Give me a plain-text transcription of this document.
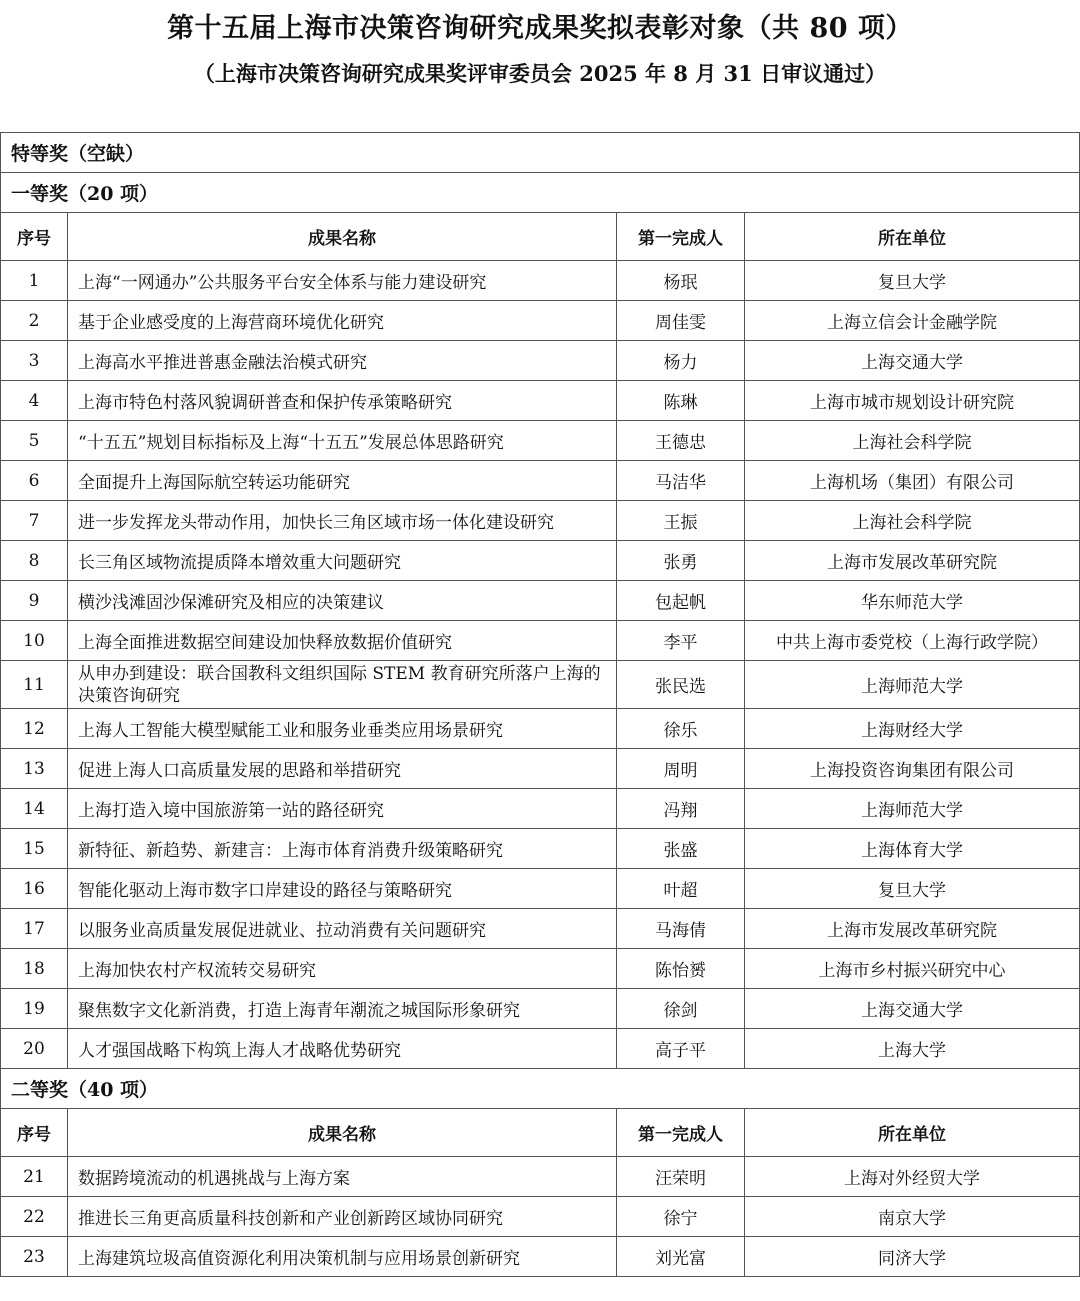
第十五届上海市决策咨询研究成果奖拟表彰对象（共 80 项）
（上海市决策咨询研究成果奖评审委员会 2025 年 8 月 31 日审议通过）
特等奖（空缺）			
一等奖（20 项）			
序号	成果名称	第一完成人	所在单位
1	上海“一网通办”公共服务平台安全体系与能力建设研究	杨珉	复旦大学
2	基于企业感受度的上海营商环境优化研究	周佳雯	上海立信会计金融学院
3	上海高水平推进普惠金融法治模式研究	杨力	上海交通大学
4	上海市特色村落风貌调研普查和保护传承策略研究	陈琳	上海市城市规划设计研究院
5	“十五五”规划目标指标及上海“十五五”发展总体思路研究	王德忠	上海社会科学院
6	全面提升上海国际航空转运功能研究	马洁华	上海机场（集团）有限公司
7	进一步发挥龙头带动作用，加快长三角区域市场一体化建设研究	王振	上海社会科学院
8	长三角区域物流提质降本增效重大问题研究	张勇	上海市发展改革研究院
9	横沙浅滩固沙保滩研究及相应的决策建议	包起帆	华东师范大学
10	上海全面推进数据空间建设加快释放数据价值研究	李平	中共上海市委党校（上海行政学院）
11	从申办到建设：联合国教科文组织国际 STEM 教育研究所落户上海的决策咨询研究	张民选	上海师范大学
12	上海人工智能大模型赋能工业和服务业垂类应用场景研究	徐乐	上海财经大学
13	促进上海人口高质量发展的思路和举措研究	周明	上海投资咨询集团有限公司
14	上海打造入境中国旅游第一站的路径研究	冯翔	上海师范大学
15	新特征、新趋势、新建言：上海市体育消费升级策略研究	张盛	上海体育大学
16	智能化驱动上海市数字口岸建设的路径与策略研究	叶超	复旦大学
17	以服务业高质量发展促进就业、拉动消费有关问题研究	马海倩	上海市发展改革研究院
18	上海加快农村产权流转交易研究	陈怡赟	上海市乡村振兴研究中心
19	聚焦数字文化新消费，打造上海青年潮流之城国际形象研究	徐剑	上海交通大学
20	人才强国战略下构筑上海人才战略优势研究	高子平	上海大学
二等奖（40 项）			
序号	成果名称	第一完成人	所在单位
21	数据跨境流动的机遇挑战与上海方案	汪荣明	上海对外经贸大学
22	推进长三角更高质量科技创新和产业创新跨区域协同研究	徐宁	南京大学
23	上海建筑垃圾高值资源化利用决策机制与应用场景创新研究	刘光富	同济大学
